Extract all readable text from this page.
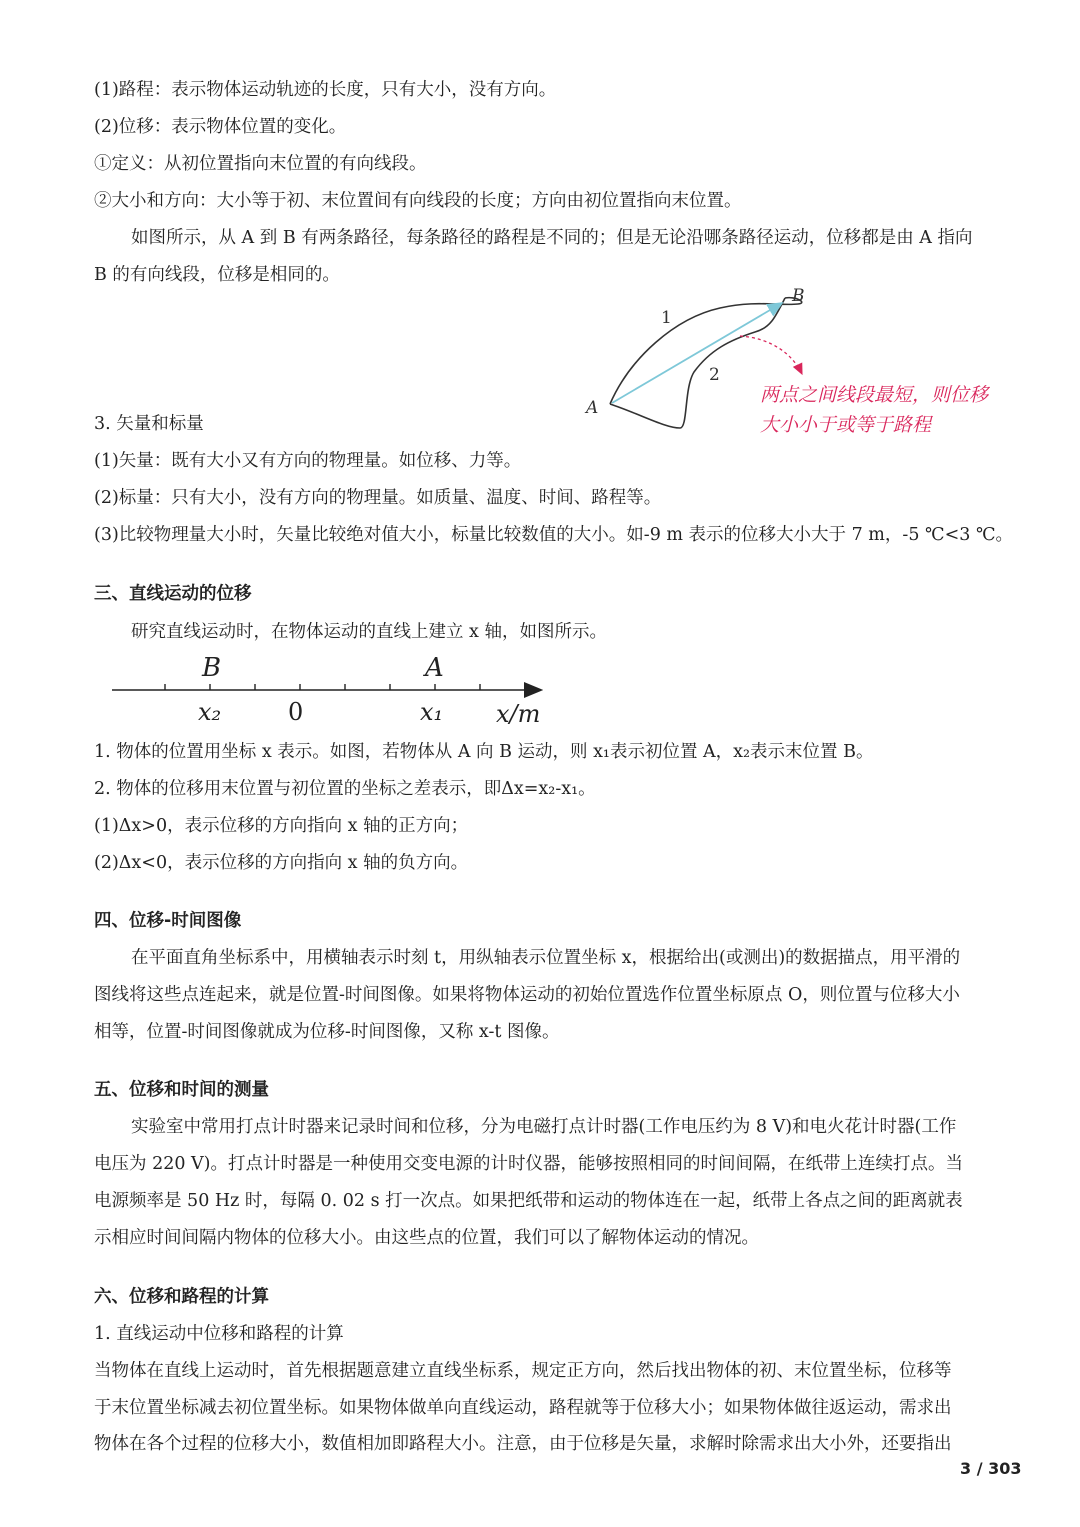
(1)路程：表示物体运动轨迹的长度，只有大小，没有方向。
(2)位移：表示物体位置的变化。
①定义：从初位置指向末位置的有向线段。
②大小和方向：大小等于初、末位置间有向线段的长度；方向由初位置指向末位置。
如图所示，从 A 到 B 有两条路径，每条路径的路程是不同的；但是无论沿哪条路径运动，位移都是由 A 指向
B 的有向线段，位移是相同的。
A
B
1
2
两点之间线段最短，则位移
大小小于或等于路程
3. 矢量和标量
(1)矢量：既有大小又有方向的物理量。如位移、力等。
(2)标量：只有大小，没有方向的物理量。如质量、温度、时间、路程等。
(3)比较物理量大小时，矢量比较绝对值大小，标量比较数值的大小。如-9 m 表示的位移大小大于 7 m，-5 ℃<3 ℃。
三、直线运动的位移
研究直线运动时，在物体运动的直线上建立 x 轴，如图所示。
B	A
x₂	0	x₁ x/m
1. 物体的位置用坐标 x 表示。如图，若物体从 A 向 B 运动，则 x₁表示初位置 A，x₂表示末位置 B。
2. 物体的位移用末位置与初位置的坐标之差表示，即Δx=x₂-x₁。
(1)Δx>0，表示位移的方向指向 x 轴的正方向；
(2)Δx<0，表示位移的方向指向 x 轴的负方向。
四、位移-时间图像
在平面直角坐标系中，用横轴表示时刻 t，用纵轴表示位置坐标 x，根据给出(或测出)的数据描点，用平滑的
图线将这些点连起来，就是位置-时间图像。如果将物体运动的初始位置选作位置坐标原点 O，则位置与位移大小
相等，位置-时间图像就成为位移-时间图像，又称 x-t 图像。
五、位移和时间的测量
实验室中常用打点计时器来记录时间和位移，分为电磁打点计时器(工作电压约为 8 V)和电火花计时器(工作
电压为 220 V)。打点计时器是一种使用交变电源的计时仪器，能够按照相同的时间间隔，在纸带上连续打点。当
电源频率是 50 Hz 时，每隔 0. 02 s 打一次点。如果把纸带和运动的物体连在一起，纸带上各点之间的距离就表
示相应时间间隔内物体的位移大小。由这些点的位置，我们可以了解物体运动的情况。
六、位移和路程的计算
1. 直线运动中位移和路程的计算
当物体在直线上运动时，首先根据题意建立直线坐标系，规定正方向，然后找出物体的初、末位置坐标，位移等
于末位置坐标减去初位置坐标。如果物体做单向直线运动，路程就等于位移大小；如果物体做往返运动，需求出
物体在各个过程的位移大小，数值相加即路程大小。注意，由于位移是矢量，求解时除需求出大小外，还要指出
3 / 303
